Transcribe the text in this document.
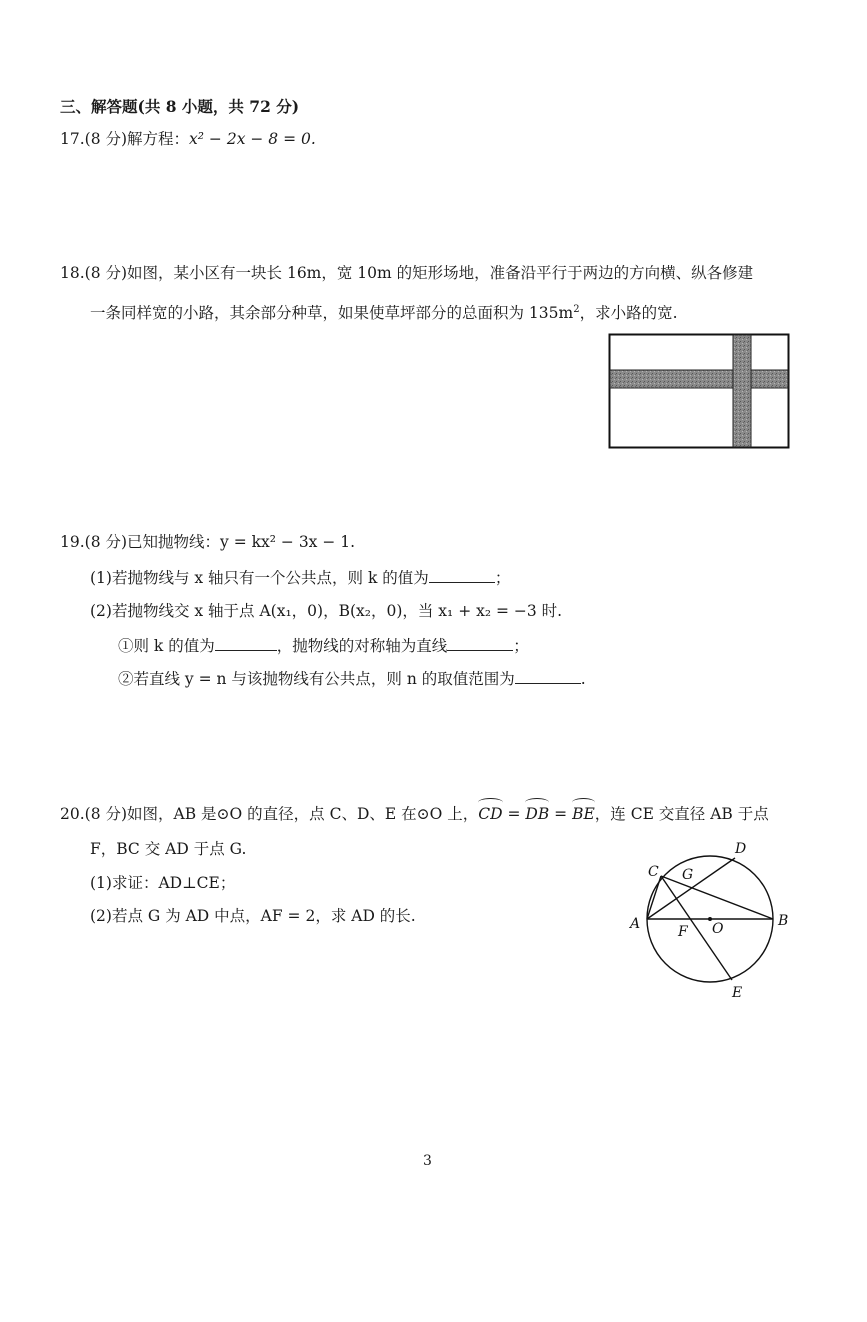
三、解答题(共 8 小题，共 72 分)
17.(8 分)解方程：x² − 2x − 8 = 0.
18.(8 分)如图，某小区有一块长 16m，宽 10m 的矩形场地，准备沿平行于两边的方向横、纵各修建
一条同样宽的小路，其余部分种草，如果使草坪部分的总面积为 $135m^2$，求小路的宽.
19.(8 分)已知抛物线：y = kx² − 3x − 1.
(1)若抛物线与 x 轴只有一个公共点，则 k 的值为	；
(2)若抛物线交 x 轴于点 A(x₁，0)，B(x₂，0)，当 x₁ + x₂ = −3 时.
①则 k 的值为	，抛物线的对称轴为直线	；
②若直线 y = n 与该抛物线有公共点，则 n 的取值范围为	.
20.(8 分)如图，AB 是⊙O 的直径，点 C、D、E 在⊙O 上，CD = DB = BE，连 CE 交直径 AB 于点
F，BC 交 AD 于点 G.
(1)求证：AD⊥CE；
(2)若点 G 为 AD 中点，AF = 2，求 AD 的长.	A	B
C
D
E
F
G
O
3
